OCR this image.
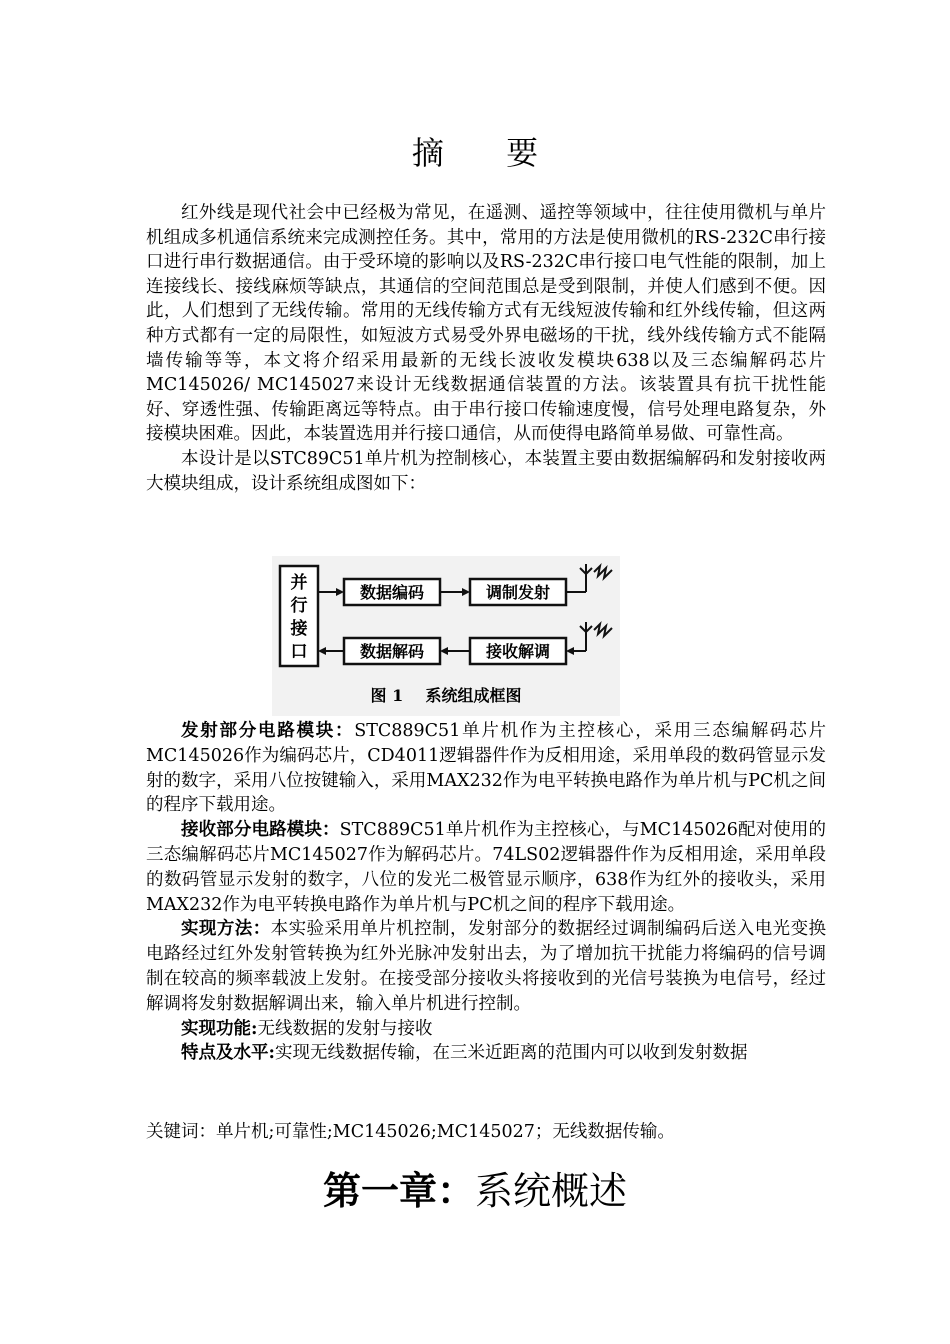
摘 要

红外线是现代社会中已经极为常见，在遥测、遥控等领域中，往往使用微机与单片机组成多机通信系统来完成测控任务。其中，常用的方法是使用微机的RS-232C串行接口进行串行数据通信。由于受环境的影响以及RS-232C串行接口电气性能的限制，加上连接线长、接线麻烦等缺点，其通信的空间范围总是受到限制，并使人们感到不便。因此，人们想到了无线传输。常用的无线传输方式有无线短波传输和红外线传输，但这两种方式都有一定的局限性，如短波方式易受外界电磁场的干扰，线外线传输方式不能隔墙传输等等，本文将介绍采用最新的无线长波收发模块638以及三态编解码芯片MC145026/ MC145027来设计无线数据通信装置的方法。该装置具有抗干扰性能好、穿透性强、传输距离远等特点。由于串行接口传输速度慢，信号处理电路复杂，外接模块困难。因此，本装置选用并行接口通信，从而使得电路简单易做、可靠性高。

本设计是以STC89C51单片机为控制核心，本装置主要由数据编解码和发射接收两大模块组成，设计系统组成图如下：

并
行
接
口
数据编码	调制发射
数据解码	接收解调
图 1    系统组成框图

发射部分电路模块：STC889C51单片机作为主控核心，采用三态编解码芯片MC145026作为编码芯片，CD4011逻辑器件作为反相用途，采用单段的数码管显示发射的数字，采用八位按键输入，采用MAX232作为电平转换电路作为单片机与PC机之间的程序下载用途。

接收部分电路模块：STC889C51单片机作为主控核心，与MC145026配对使用的三态编解码芯片MC145027作为解码芯片。74LS02逻辑器件作为反相用途，采用单段的数码管显示发射的数字，八位的发光二极管显示顺序，638作为红外的接收头，采用MAX232作为电平转换电路作为单片机与PC机之间的程序下载用途。

实现方法：本实验采用单片机控制，发射部分的数据经过调制编码后送入电光变换电路经过红外发射管转换为红外光脉冲发射出去，为了增加抗干扰能力将编码的信号调制在较高的频率载波上发射。在接受部分接收头将接收到的光信号装换为电信号，经过解调将发射数据解调出来，输入单片机进行控制。

实现功能:无线数据的发射与接收

特点及水平:实现无线数据传输，在三米近距离的范围内可以收到发射数据

关键词：单片机;可靠性;MC145026;MC145027；无线数据传输。
第一章：系统概述
